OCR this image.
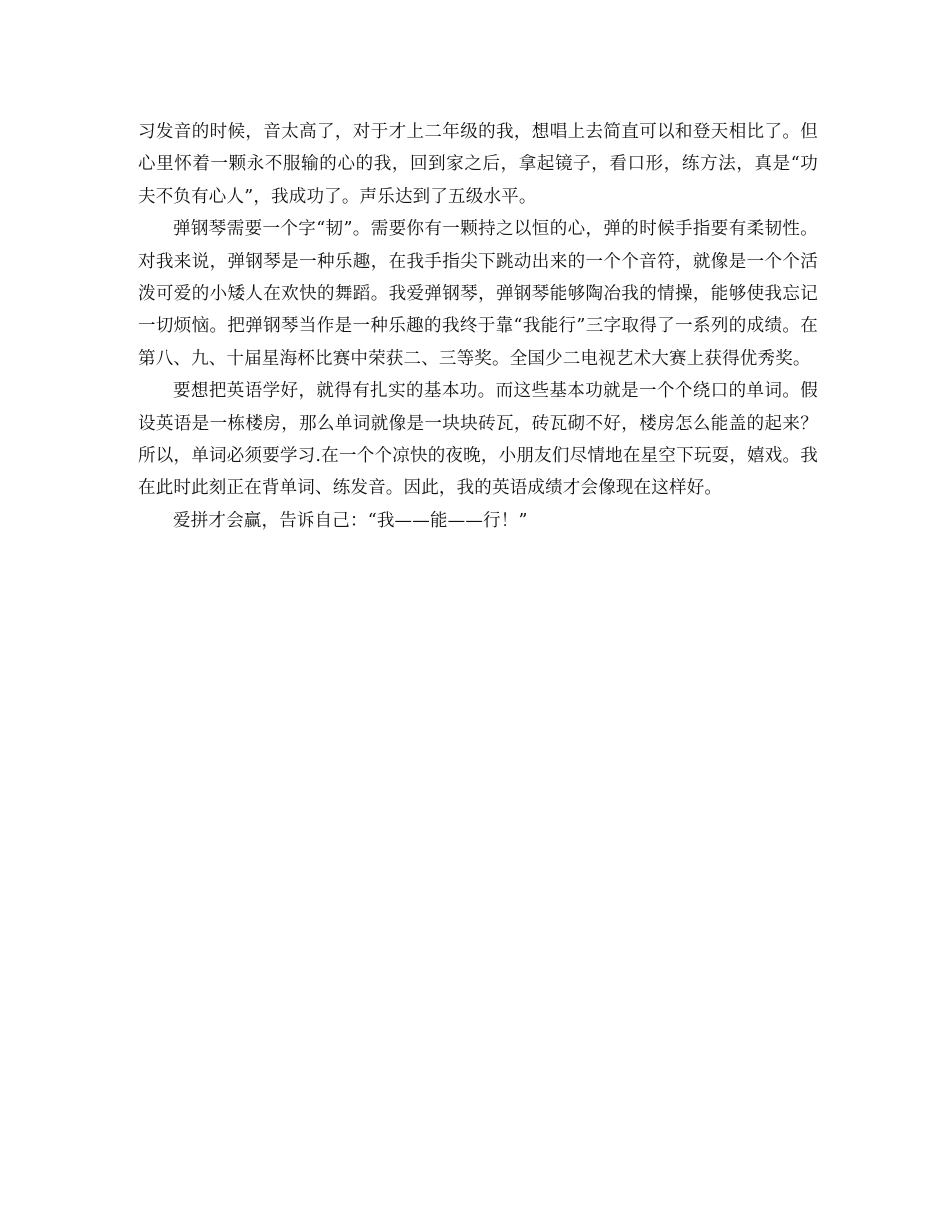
习发音的时候，音太高了，对于才上二年级的我，想唱上去简直可以和登天相比了。但心里怀着一颗永不服输的心的我，回到家之后，拿起镜子，看口形，练方法，真是“功夫不负有心人”，我成功了。声乐达到了五级水平。

弹钢琴需要一个字“韧”。需要你有一颗持之以恒的心，弹的时候手指要有柔韧性。对我来说，弹钢琴是一种乐趣，在我手指尖下跳动出来的一个个音符，就像是一个个活泼可爱的小矮人在欢快的舞蹈。我爱弹钢琴，弹钢琴能够陶冶我的情操，能够使我忘记一切烦恼。把弹钢琴当作是一种乐趣的我终于靠“我能行”三字取得了一系列的成绩。在第八、九、十届星海杯比赛中荣获二、三等奖。全国少二电视艺术大赛上获得优秀奖。

要想把英语学好，就得有扎实的基本功。而这些基本功就是一个个绕口的单词。假设英语是一栋楼房，那么单词就像是一块块砖瓦，砖瓦砌不好，楼房怎么能盖的起来？所以，单词必须要学习.在一个个凉快的夜晚，小朋友们尽情地在星空下玩耍，嬉戏。我在此时此刻正在背单词、练发音。因此，我的英语成绩才会像现在这样好。

爱拼才会赢，告诉自己：“我——能——行！”
